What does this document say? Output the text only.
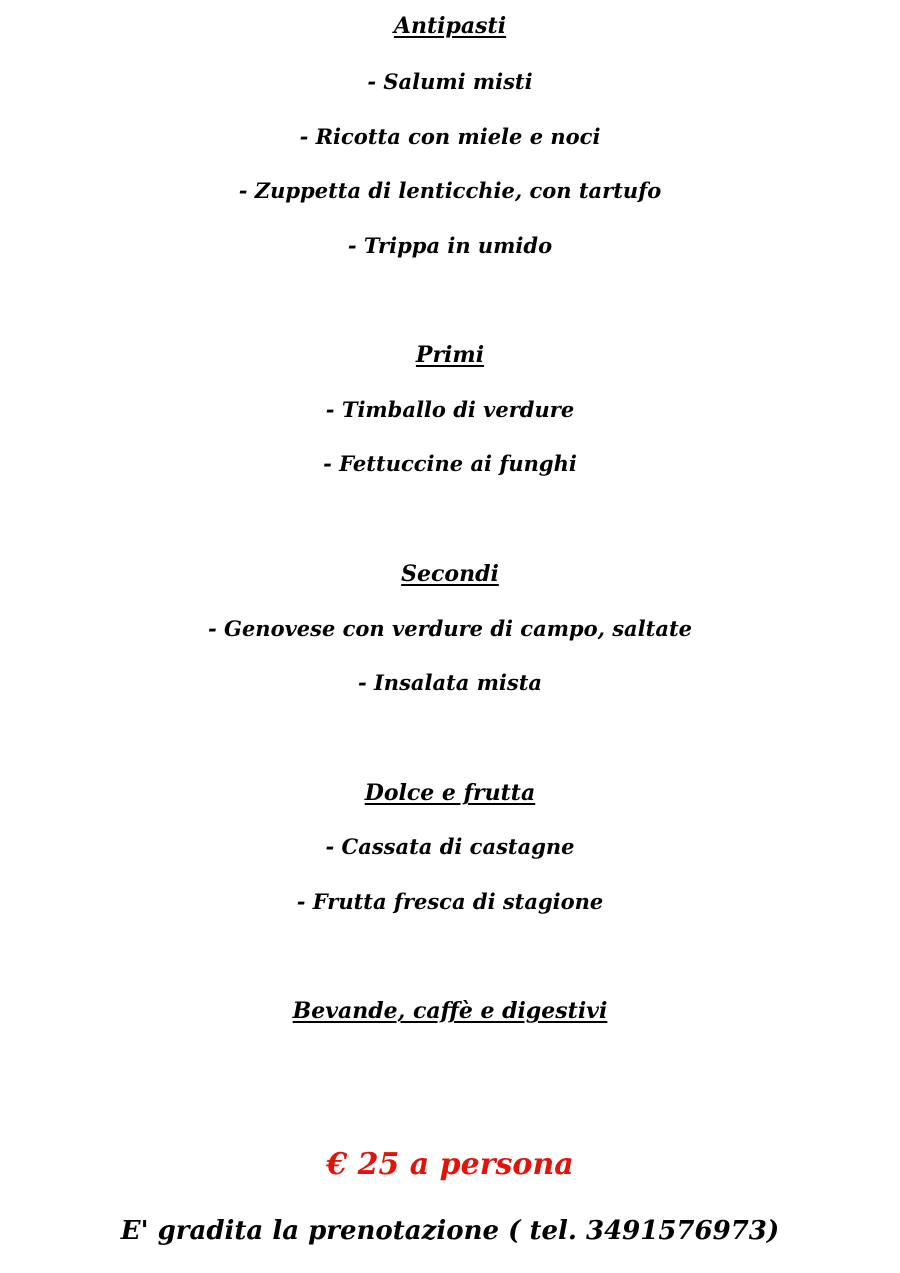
Antipasti
- Salumi misti
- Ricotta con miele e noci
- Zuppetta di lenticchie, con tartufo
- Trippa in umido
Primi
- Timballo di verdure
- Fettuccine ai funghi
Secondi
- Genovese con verdure di campo, saltate
- Insalata mista
Dolce e frutta
- Cassata di castagne
- Frutta fresca di stagione
Bevande, caffè e digestivi
€ 25 a persona
E' gradita la prenotazione ( tel. 3491576973)
